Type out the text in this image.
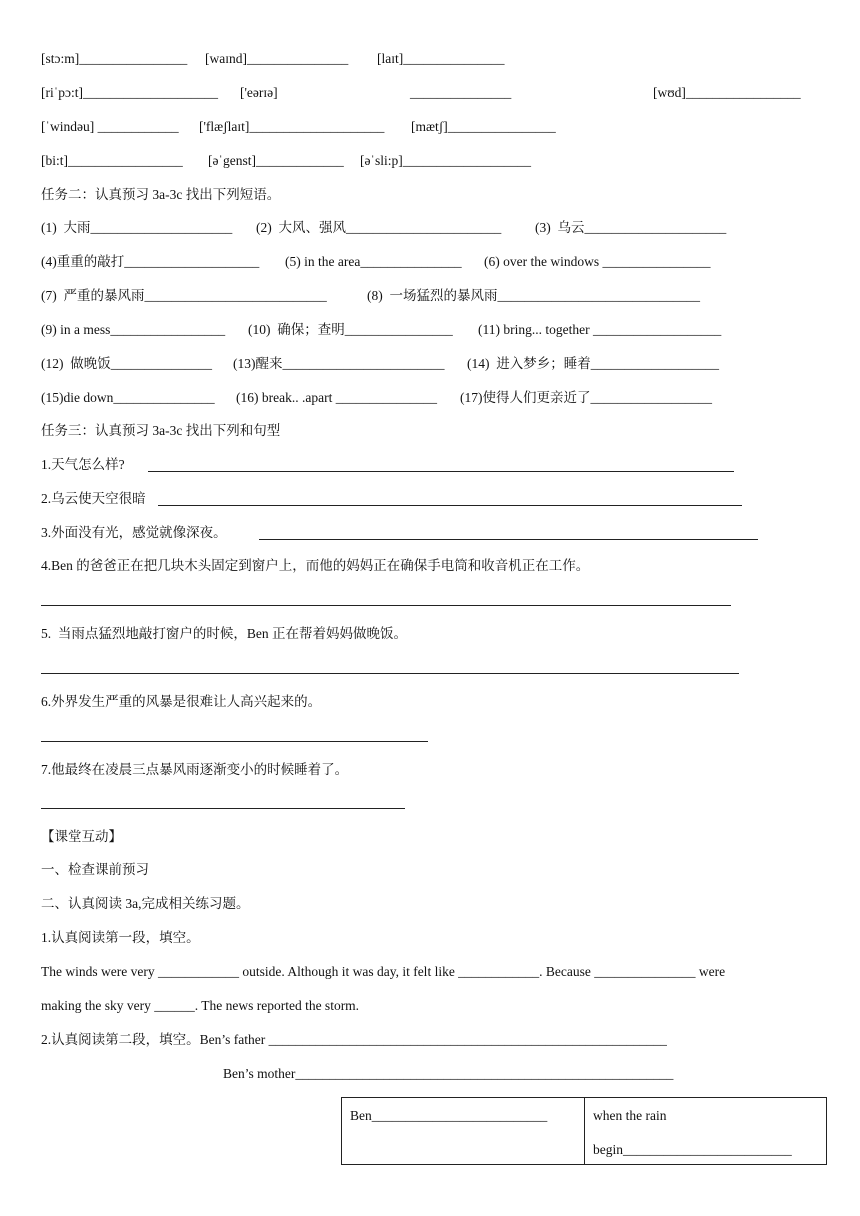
[stɔ:m]________________ [waɪnd]_______________ [laɪt]_______________
[riˈpɔ:t]____________________ ['eərɪə]	_______________	[wʊd]_________________
[ˈwindəu] ____________ ['flæʃlaɪt]____________________ [mætʃ]________________
[bi:t]_________________ [əˈgenst]_____________ [əˈsli:p]___________________
任务二：认真预习 3a-3c 找出下列短语。
(1)  大雨_____________________ (2)  大风、强风_______________________	(3)  乌云_____________________
(4)重重的敲打____________________ (5) in the area_______________ (6) over the windows ________________
(7)  严重的暴风雨___________________________	(8)  一场猛烈的暴风雨______________________________
(9) in a mess_________________ (10)  确保；查明________________ (11) bring... together ___________________
(12)  做晚饭_______________ (13)醒来________________________ (14)  进入梦乡；睡着___________________
(15)die down_______________ (16) break.. .apart _______________ (17)使得人们更亲近了__________________
任务三：认真预习 3a-3c 找出下列和句型
1.天气怎么样?
2.乌云使天空很暗
3.外面没有光，感觉就像深夜。
4.Ben 的爸爸正在把几块木头固定到窗户上，而他的妈妈正在确保手电筒和收音机正在工作。
5.  当雨点猛烈地敲打窗户的时候，Ben 正在帮着妈妈做晚饭。
6.外界发生严重的风暴是很难让人高兴起来的。
7.他最终在凌晨三点暴风雨逐渐变小的时候睡着了。
【课堂互动】
一、检查课前预习
二、认真阅读 3a,完成相关练习题。
1.认真阅读第一段，填空。
The winds were very ____________ outside. Although it was day, it felt like ____________. Because _______________ were
making the sky very ______. The news reported the storm.
2.认真阅读第二段，填空。Ben’s father ___________________________________________________________
Ben’s mother________________________________________________________
Ben__________________________	when the rain
begin_________________________
